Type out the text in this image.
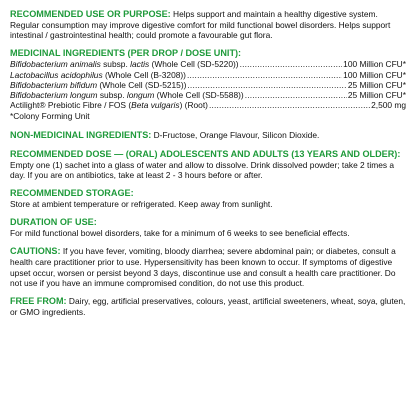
RECOMMENDED USE OR PURPOSE: Helps support and maintain a healthy digestive system. Regular consumption may improve digestive comfort for mild functional bowel disorders. Helps support intestinal / gastrointestinal health; could promote a favourable gut flora.

MEDICINAL INGREDIENTS (PER DROP / DOSE UNIT):

Bifidobacterium animalis subsp. lactis (Whole Cell (SD-5220)) .....	100 Million CFU*
Lactobacillus acidophilus (Whole Cell (B-3208)) .....	100 Million CFU*
Bifidobacterium bifidum (Whole Cell (SD-5215)) .....	25 Million CFU*
Bifidobacterium longum subsp. longum (Whole Cell (SD-5588)) .....	25 Million CFU*
Actilight® Prebiotic Fibre / FOS (Beta vulgaris) (Root) .....	2,500 mg

*Colony Forming Unit

NON-MEDICINAL INGREDIENTS: D-Fructose, Orange Flavour, Silicon Dioxide.

RECOMMENDED DOSE — (ORAL) ADOLESCENTS AND ADULTS (13 YEARS AND OLDER):

Empty one (1) sachet into a glass of water and allow to dissolve. Drink dissolved powder; take 2 times a day. If you are on antibiotics, take at least 2 - 3 hours before or after.

RECOMMENDED STORAGE:

Store at ambient temperature or refrigerated. Keep away from sunlight.

DURATION OF USE:

For mild functional bowel disorders, take for a minimum of 6 weeks to see beneficial effects.

CAUTIONS: If you have fever, vomiting, bloody diarrhea; severe abdominal pain; or diabetes, consult a health care practitioner prior to use. Hypersensitivity has been known to occur. If symptoms of digestive upset occur, worsen or persist beyond 3 days, discontinue use and consult a health care practitioner. Do not use if you have an immune compromised condition, do not use this product.

FREE FROM: Dairy, egg, artificial preservatives, colours, yeast, artificial sweeteners, wheat, soya, gluten, or GMO ingredients.
